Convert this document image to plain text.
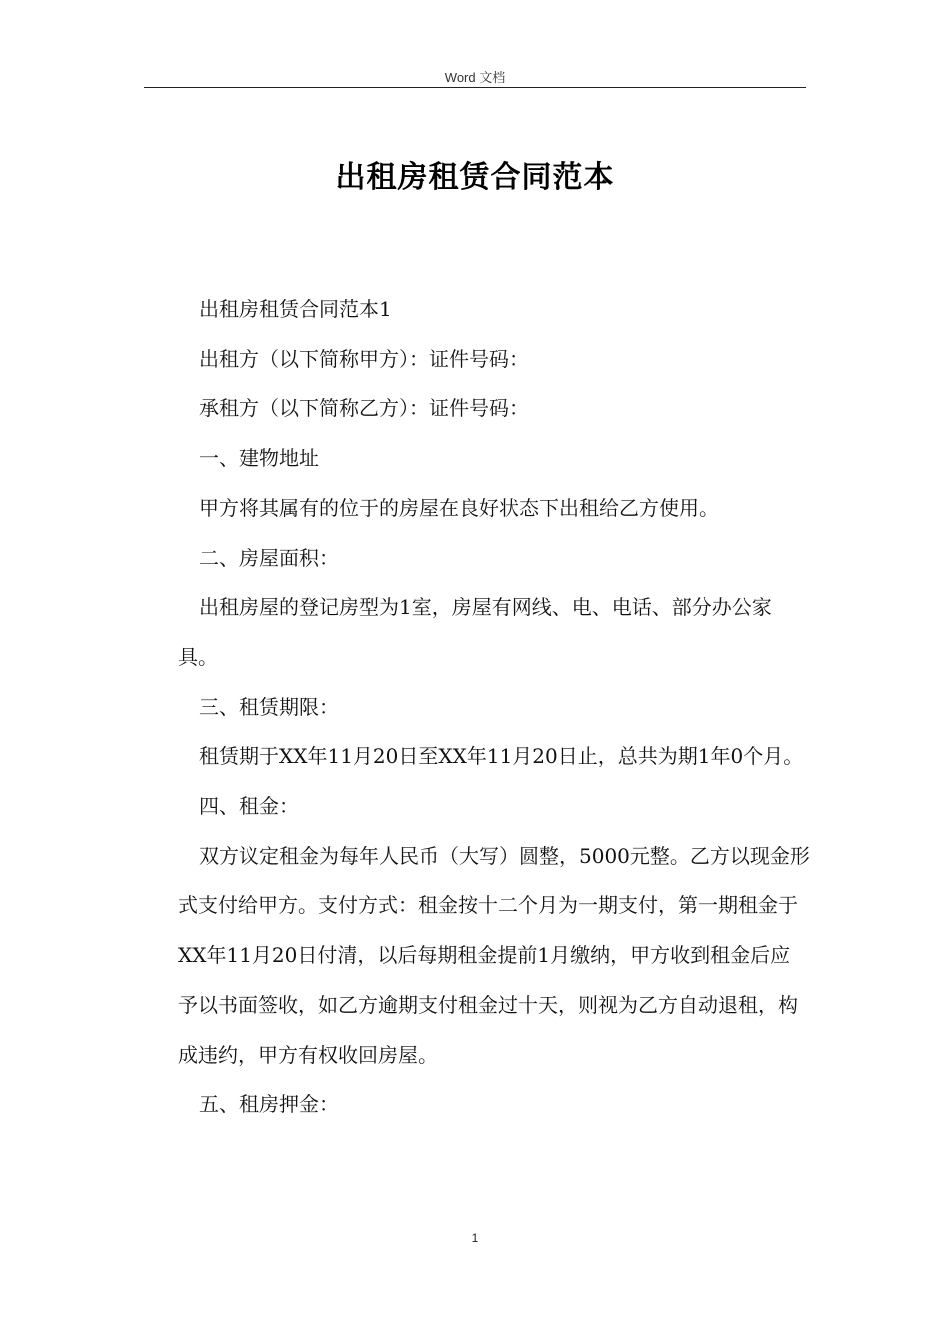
Word 文档
出租房租赁合同范本

出租房租赁合同范本1

出租方（以下简称甲方）：证件号码：

承租方（以下简称乙方）：证件号码：

一、建物地址

甲方将其属有的位于的房屋在良好状态下出租给乙方使用。

二、房屋面积：

出租房屋的登记房型为1室，房屋有网线、电、电话、部分办公家具。

三、租赁期限：

租赁期于XX年11月20日至XX年11月20日止，总共为期1年0个月。

四、租金：

双方议定租金为每年人民币（大写）圆整，5000元整。乙方以现金形式支付给甲方。支付方式：租金按十二个月为一期支付，第一期租金于XX年11月20日付清，以后每期租金提前1月缴纳，甲方收到租金后应予以书面签收，如乙方逾期支付租金过十天，则视为乙方自动退租，构成违约，甲方有权收回房屋。

五、租房押金：

1
